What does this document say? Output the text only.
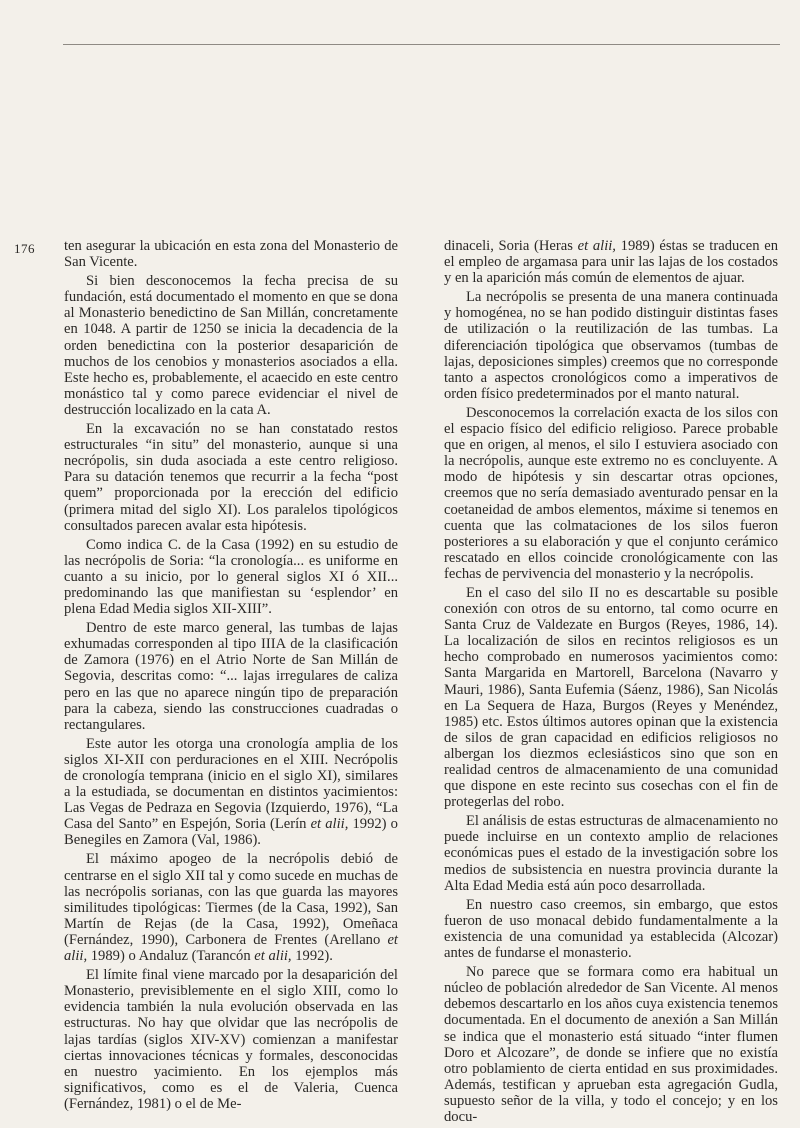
176 ten asegurar la ubicación en esta zona del Monasterio de San Vicente.

Si bien desconocemos la fecha precisa de su fundación, está documentado el momento en que se dona al Monasterio benedictino de San Millán, concretamente en 1048. A partir de 1250 se inicia la decadencia de la orden benedictina con la posterior desaparición de muchos de los cenobios y monasterios asociados a ella. Este hecho es, probablemente, el acaecido en este centro monástico tal y como parece evidenciar el nivel de destrucción localizado en la cata A.

En la excavación no se han constatado restos estructurales “in situ” del monasterio, aunque si una necrópolis, sin duda asociada a este centro religioso. Para su datación tenemos que recurrir a la fecha “post quem” proporcionada por la erección del edificio (primera mitad del siglo XI). Los paralelos tipológicos consultados parecen avalar esta hipótesis.

Como indica C. de la Casa (1992) en su estudio de las necrópolis de Soria: “la cronología... es uniforme en cuanto a su inicio, por lo general siglos XI ó XII... predominando las que manifiestan su ‘esplendor’ en plena Edad Media siglos XII-XIII”.

Dentro de este marco general, las tumbas de lajas exhumadas corresponden al tipo IIIA de la clasificación de Zamora (1976) en el Atrio Norte de San Millán de Segovia, descritas como: “... lajas irregulares de caliza pero en las que no aparece ningún tipo de preparación para la cabeza, siendo las construcciones cuadradas o rectangulares.

Este autor les otorga una cronología amplia de los siglos XI-XII con perduraciones en el XIII. Necrópolis de cronología temprana (inicio en el siglo XI), similares a la estudiada, se documentan en distintos yacimientos: Las Vegas de Pedraza en Segovia (Izquierdo, 1976), “La Casa del Santo” en Espejón, Soria (Lerín et alii, 1992) o Benegiles en Zamora (Val, 1986).

El máximo apogeo de la necrópolis debió de centrarse en el siglo XII tal y como sucede en muchas de las necrópolis sorianas, con las que guarda las mayores similitudes tipológicas: Tiermes (de la Casa, 1992), San Martín de Rejas (de la Casa, 1992), Omeñaca (Fernández, 1990), Carbonera de Frentes (Arellano et alii, 1989) o Andaluz (Tarancón et alii, 1992).

El límite final viene marcado por la desaparición del Monasterio, previsiblemente en el siglo XIII, como lo evidencia también la nula evolución observada en las estructuras. No hay que olvidar que las necrópolis de lajas tardías (siglos XIV-XV) comienzan a manifestar ciertas innovaciones técnicas y formales, desconocidas en nuestro yacimiento. En los ejemplos más significativos, como es el de Valeria, Cuenca (Fernández, 1981) o el de Me-

dinaceli, Soria (Heras et alii, 1989) éstas se traducen en el empleo de argamasa para unir las lajas de los costados y en la aparición más común de elementos de ajuar.

La necrópolis se presenta de una manera continuada y homogénea, no se han podido distinguir distintas fases de utilización o la reutilización de las tumbas. La diferenciación tipológica que observamos (tumbas de lajas, deposiciones simples) creemos que no corresponde tanto a aspectos cronológicos como a imperativos de orden físico predeterminados por el manto natural.

Desconocemos la correlación exacta de los silos con el espacio físico del edificio religioso. Parece probable que en origen, al menos, el silo I estuviera asociado con la necrópolis, aunque este extremo no es concluyente. A modo de hipótesis y sin descartar otras opciones, creemos que no sería demasiado aventurado pensar en la coetaneidad de ambos elementos, máxime si tenemos en cuenta que las colmataciones de los silos fueron posteriores a su elaboración y que el conjunto cerámico rescatado en ellos coincide cronológicamente con las fechas de pervivencia del monasterio y la necrópolis.

En el caso del silo II no es descartable su posible conexión con otros de su entorno, tal como ocurre en Santa Cruz de Valdezate en Burgos (Reyes, 1986, 14). La localización de silos en recintos religiosos es un hecho comprobado en numerosos yacimientos como: Santa Margarida en Martorell, Barcelona (Navarro y Mauri, 1986), Santa Eufemia (Sáenz, 1986), San Nicolás en La Sequera de Haza, Burgos (Reyes y Menéndez, 1985) etc. Estos últimos autores opinan que la existencia de silos de gran capacidad en edificios religiosos no albergan los diezmos eclesiásticos sino que son en realidad centros de almacenamiento de una comunidad que dispone en este recinto sus cosechas con el fin de protegerlas del robo.

El análisis de estas estructuras de almacenamiento no puede incluirse en un contexto amplio de relaciones económicas pues el estado de la investigación sobre los medios de subsistencia en nuestra provincia durante la Alta Edad Media está aún poco desarrollada.

En nuestro caso creemos, sin embargo, que estos fueron de uso monacal debido fundamentalmente a la existencia de una comunidad ya establecida (Alcozar) antes de fundarse el monasterio.

No parece que se formara como era habitual un núcleo de población alrededor de San Vicente. Al menos debemos descartarlo en los años cuya existencia tenemos documentada. En el documento de anexión a San Millán se indica que el monasterio está situado “inter flumen Doro et Alcozare”, de donde se infiere que no existía otro poblamiento de cierta entidad en sus proximidades. Además, testifican y aprueban esta agregación Gudla, supuesto señor de la villa, y todo el concejo; y en los docu-
